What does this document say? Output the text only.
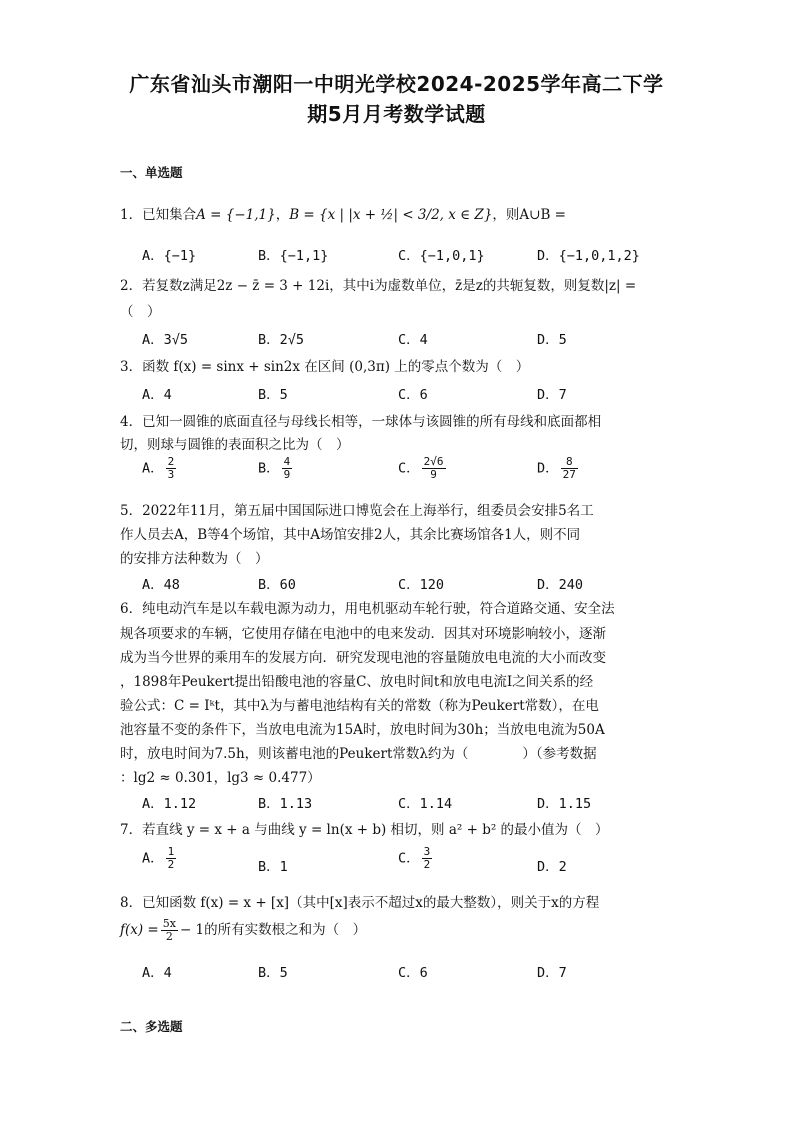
广东省汕头市潮阳一中明光学校2024-2025学年高二下学
期5月月考数学试题
一、单选题
1．已知集合A = {−1,1}，B = {x | |x + ½| < 3/2, x ∈ Z}，则A∪B =
A．{−1}	B．{−1,1}	C．{−1,0,1}	D．{−1,0,1,2}
2．若复数z满足2z − z̄ = 3 + 12i，其中i为虚数单位，z̄是z的共轭复数，则复数|z| =
（　）
A．3√5	B．2√5	C．4	D．5
3．函数 f(x) = sinx + sin2x 在区间 (0,3π) 上的零点个数为（　）
A．4	B．5	C．6	D．7
4．已知一圆锥的底面直径与母线长相等，一球体与该圆锥的所有母线和底面都相
切，则球与圆锥的表面积之比为（　）
A． $\frac{2}{3}$	B． $\frac{4}{9}$	C． $\frac{2√6}{9}$	D． $\frac{8}{27}$
5．2022年11月，第五届中国国际进口博览会在上海举行，组委员会安排5名工
作人员去A，B等4个场馆，其中A场馆安排2人，其余比赛场馆各1人，则不同
的安排方法种数为（　）
A．48	B．60	C．120	D．240
6．纯电动汽车是以车载电源为动力，用电机驱动车轮行驶，符合道路交通、安全法
规各项要求的车辆，它使用存储在电池中的电来发动．因其对环境影响较小，逐渐
成为当今世界的乘用车的发展方向．研究发现电池的容量随放电电流的大小而改变
，1898年Peukert提出铅酸电池的容量C、放电时间t和放电电流I之间关系的经
验公式：C = Iᵏt，其中λ为与蓄电池结构有关的常数（称为Peukert常数），在电
池容量不变的条件下，当放电电流为15A时，放电时间为30h；当放电电流为50A
时，放电时间为7.5h，则该蓄电池的Peukert常数λ约为（　　　　）（参考数据
：lg2 ≈ 0.301，lg3 ≈ 0.477）
A．1.12	B．1.13	C．1.14	D．1.15
7．若直线 y = x + a 与曲线 y = ln(x + b) 相切，则 a² + b² 的最小值为（　）
A． $\frac{1}{2}$	B．1
C． $\frac{3}{2}$	D．2
8．已知函数 f(x) = x + [x]（其中[x]表示不超过x的最大整数），则关于x的方程
$f(x) = \frac{5x}{2} - 1$的所有实数根之和为（　）
A．4	B．5	C．6	D．7
二、多选题
